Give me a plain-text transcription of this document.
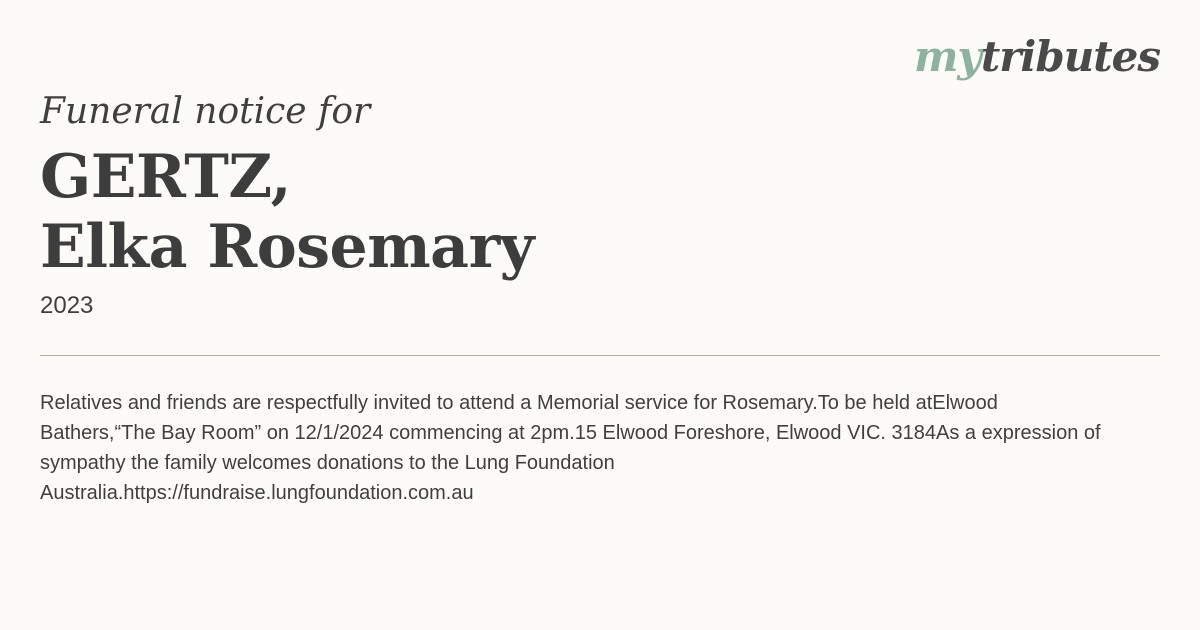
mytributes

Funeral notice for

GERTZ,
Elka Rosemary
2023

Relatives and friends are respectfully invited to attend a Memorial service for Rosemary.To be held atElwood
Bathers,“The Bay Room” on 12/1/2024 commencing at 2pm.15 Elwood Foreshore, Elwood VIC. 3184As a expression of
sympathy the family welcomes donations to the Lung Foundation
Australia.https://fundraise.lungfoundation.com.au
